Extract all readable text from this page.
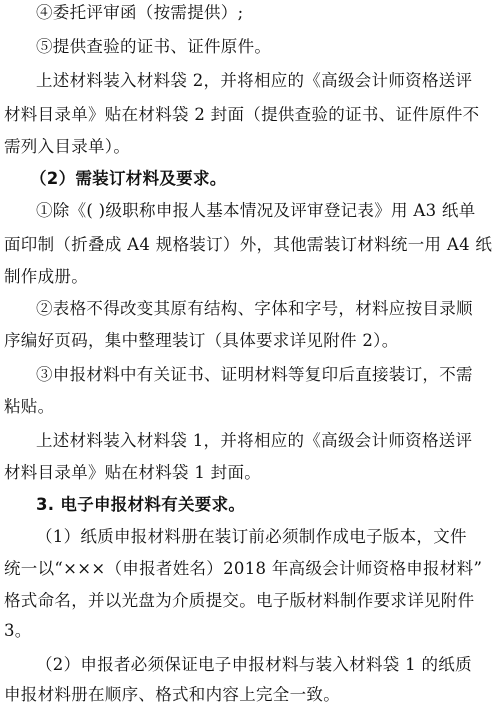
④委托评审函（按需提供）;
⑤提供查验的证书、证件原件。
上述材料装入材料袋 2，并将相应的《高级会计师资格送评
材料目录单》贴在材料袋 2 封面（提供查验的证书、证件原件不
需列入目录单）。
（2）需装订材料及要求。
①除《( )级职称申报人基本情况及评审登记表》用 A3 纸单
面印制（折叠成 A4 规格装订）外，其他需装订材料统一用 A4 纸
制作成册。
②表格不得改变其原有结构、字体和字号，材料应按目录顺
序编好页码，集中整理装订（具体要求详见附件 2）。
③申报材料中有关证书、证明材料等复印后直接装订，不需
粘贴。
上述材料装入材料袋 1，并将相应的《高级会计师资格送评
材料目录单》贴在材料袋 1 封面。
3. 电子申报材料有关要求。
（1）纸质申报材料册在装订前必须制作成电子版本，文件
统一以“×××（申报者姓名）2018 年高级会计师资格申报材料”
格式命名，并以光盘为介质提交。电子版材料制作要求详见附件
3。
（2）申报者必须保证电子申报材料与装入材料袋 1 的纸质
申报材料册在顺序、格式和内容上完全一致。
